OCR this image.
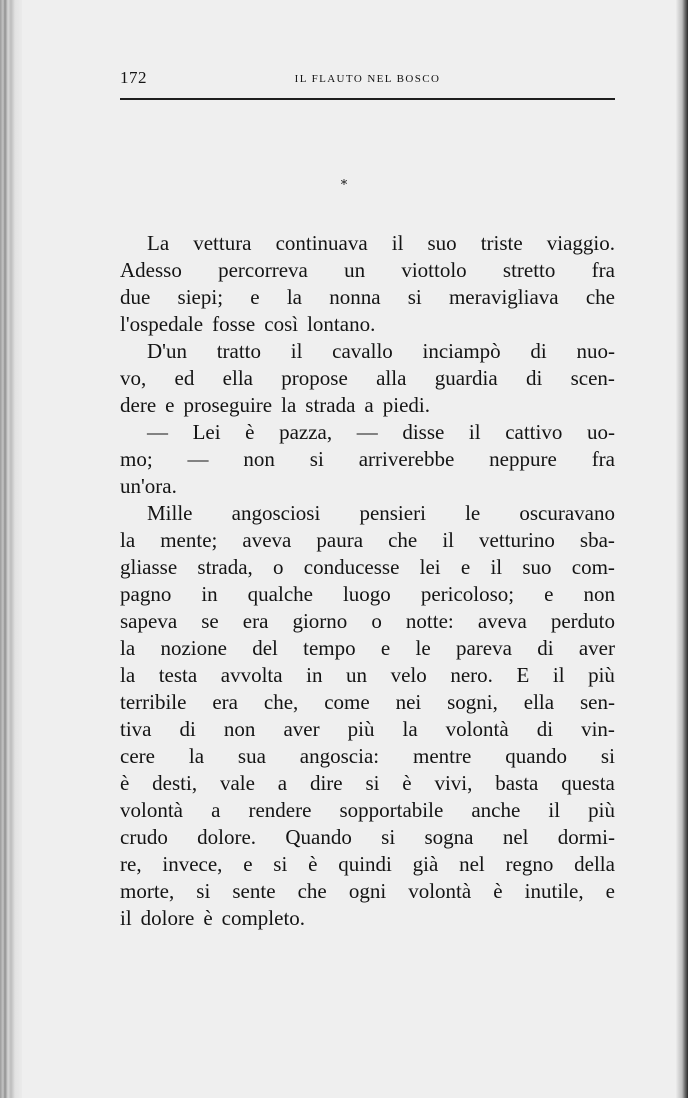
172	IL FLAUTO NEL BOSCO
*
La vettura continuava il suo triste viaggio.
Adesso percorreva un viottolo stretto fra
due siepi; e la nonna si meravigliava che
l'ospedale fosse così lontano.
D'un tratto il cavallo inciampò di nuo-
vo, ed ella propose alla guardia di scen-
dere e proseguire la strada a piedi.
— Lei è pazza, — disse il cattivo uo-
mo; — non si arriverebbe neppure fra
un'ora.
Mille angosciosi pensieri le oscuravano
la mente; aveva paura che il vetturino sba-
gliasse strada, o conducesse lei e il suo com-
pagno in qualche luogo pericoloso; e non
sapeva se era giorno o notte: aveva perduto
la nozione del tempo e le pareva di aver
la testa avvolta in un velo nero. E il più
terribile era che, come nei sogni, ella sen-
tiva di non aver più la volontà di vin-
cere la sua angoscia: mentre quando si
è desti, vale a dire si è vivi, basta questa
volontà a rendere sopportabile anche il più
crudo dolore. Quando si sogna nel dormi-
re, invece, e si è quindi già nel regno della
morte, si sente che ogni volontà è inutile, e
il dolore è completo.
